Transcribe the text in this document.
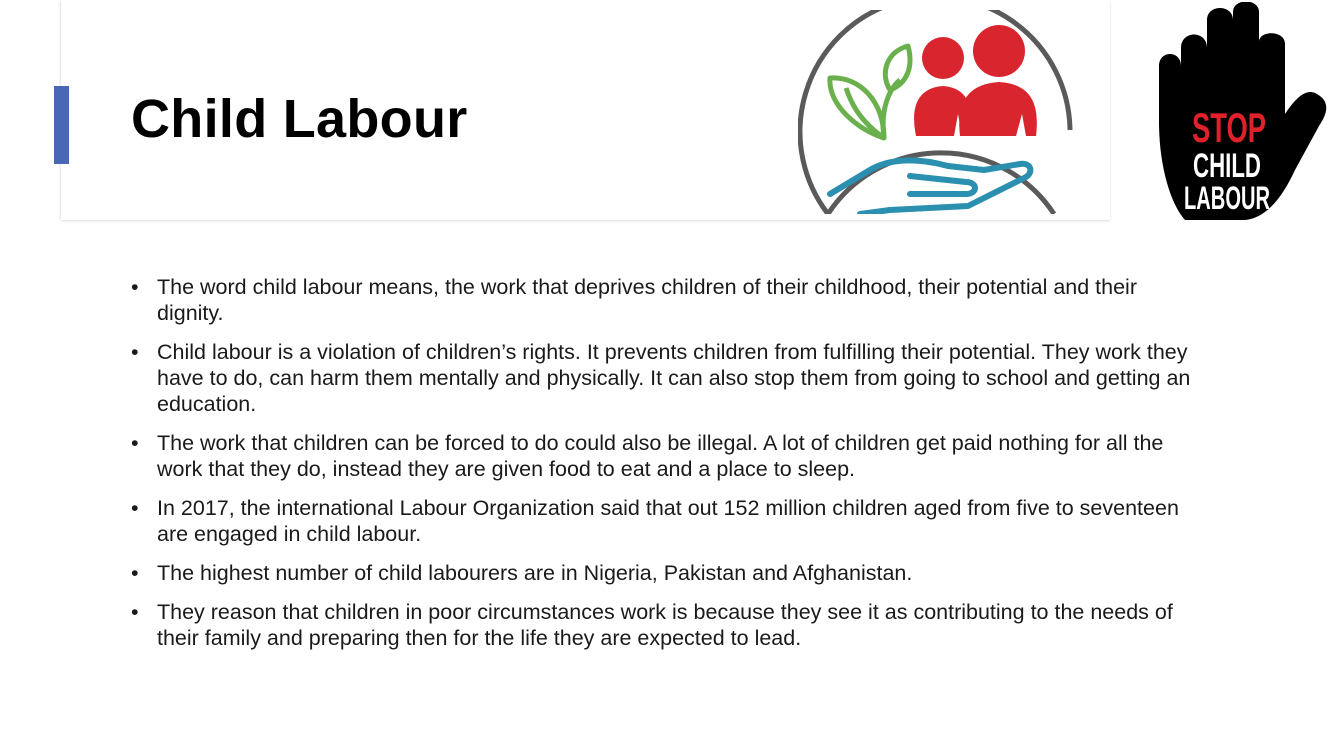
Child Labour	STOP
CHILD
LABOUR
• The word child labour means, the work that deprives children of their childhood, their potential and their dignity.
• Child labour is a violation of children’s rights. It prevents children from fulfilling their potential. They work they have to do, can harm them mentally and physically. It can also stop them from going to school and getting an education.
• The work that children can be forced to do could also be illegal. A lot of children get paid nothing for all the work that they do, instead they are given food to eat and a place to sleep.
• In 2017, the international Labour Organization said that out 152 million children aged from five to seventeen are engaged in child labour.
• The highest number of child labourers are in Nigeria, Pakistan and Afghanistan.
• They reason that children in poor circumstances work is because they see it as contributing to the needs of their family and preparing then for the life they are expected to lead.
